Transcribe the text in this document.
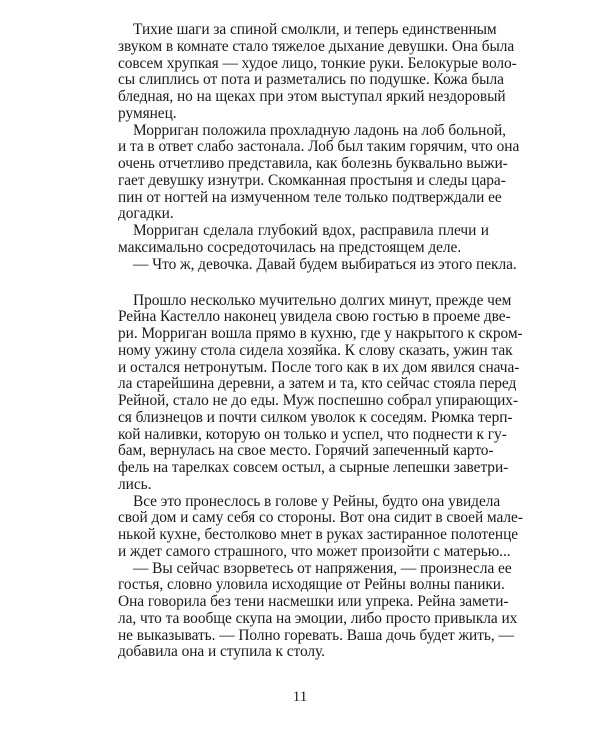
Тихие шаги за спиной смолкли, и теперь единственным
звуком в комнате стало тяжелое дыхание девушки. Она была
совсем хрупкая — худое лицо, тонкие руки. Белокурые воло-
сы слиплись от пота и разметались по подушке. Кожа была
бледная, но на щеках при этом выступал яркий нездоровый
румянец.
Морриган положила прохладную ладонь на лоб больной,
и та в ответ слабо застонала. Лоб был таким горячим, что она
очень отчетливо представила, как болезнь буквально выжи-
гает девушку изнутри. Скомканная простыня и следы цара-
пин от ногтей на измученном теле только подтверждали ее
догадки.
Морриган сделала глубокий вдох, расправила плечи и
максимально сосредоточилась на предстоящем деле.
— Что ж, девочка. Давай будем выбираться из этого пекла.
Прошло несколько мучительно долгих минут, прежде чем
Рейна Кастелло наконец увидела свою гостью в проеме две-
ри. Морриган вошла прямо в кухню, где у накрытого к скром-
ному ужину стола сидела хозяйка. К слову сказать, ужин так
и остался нетронутым. После того как в их дом явился снача-
ла старейшина деревни, а затем и та, кто сейчас стояла перед
Рейной, стало не до еды. Муж поспешно собрал упирающих-
ся близнецов и почти силком уволок к соседям. Рюмка терп-
кой наливки, которую он только и успел, что поднести к гу-
бам, вернулась на свое место. Горячий запеченный карто-
фель на тарелках совсем остыл, а сырные лепешки заветри-
лись.
Все это пронеслось в голове у Рейны, будто она увидела
свой дом и саму себя со стороны. Вот она сидит в своей мале-
нькой кухне, бестолково мнет в руках застиранное полотенце
и ждет самого страшного, что может произойти с матерью...
— Вы сейчас взорветесь от напряжения, — произнесла ее
гостья, словно уловила исходящие от Рейны волны паники.
Она говорила без тени насмешки или упрека. Рейна замети-
ла, что та вообще скупа на эмоции, либо просто привыкла их
не выказывать. — Полно горевать. Ваша дочь будет жить, —
добавила она и ступила к столу.
11
